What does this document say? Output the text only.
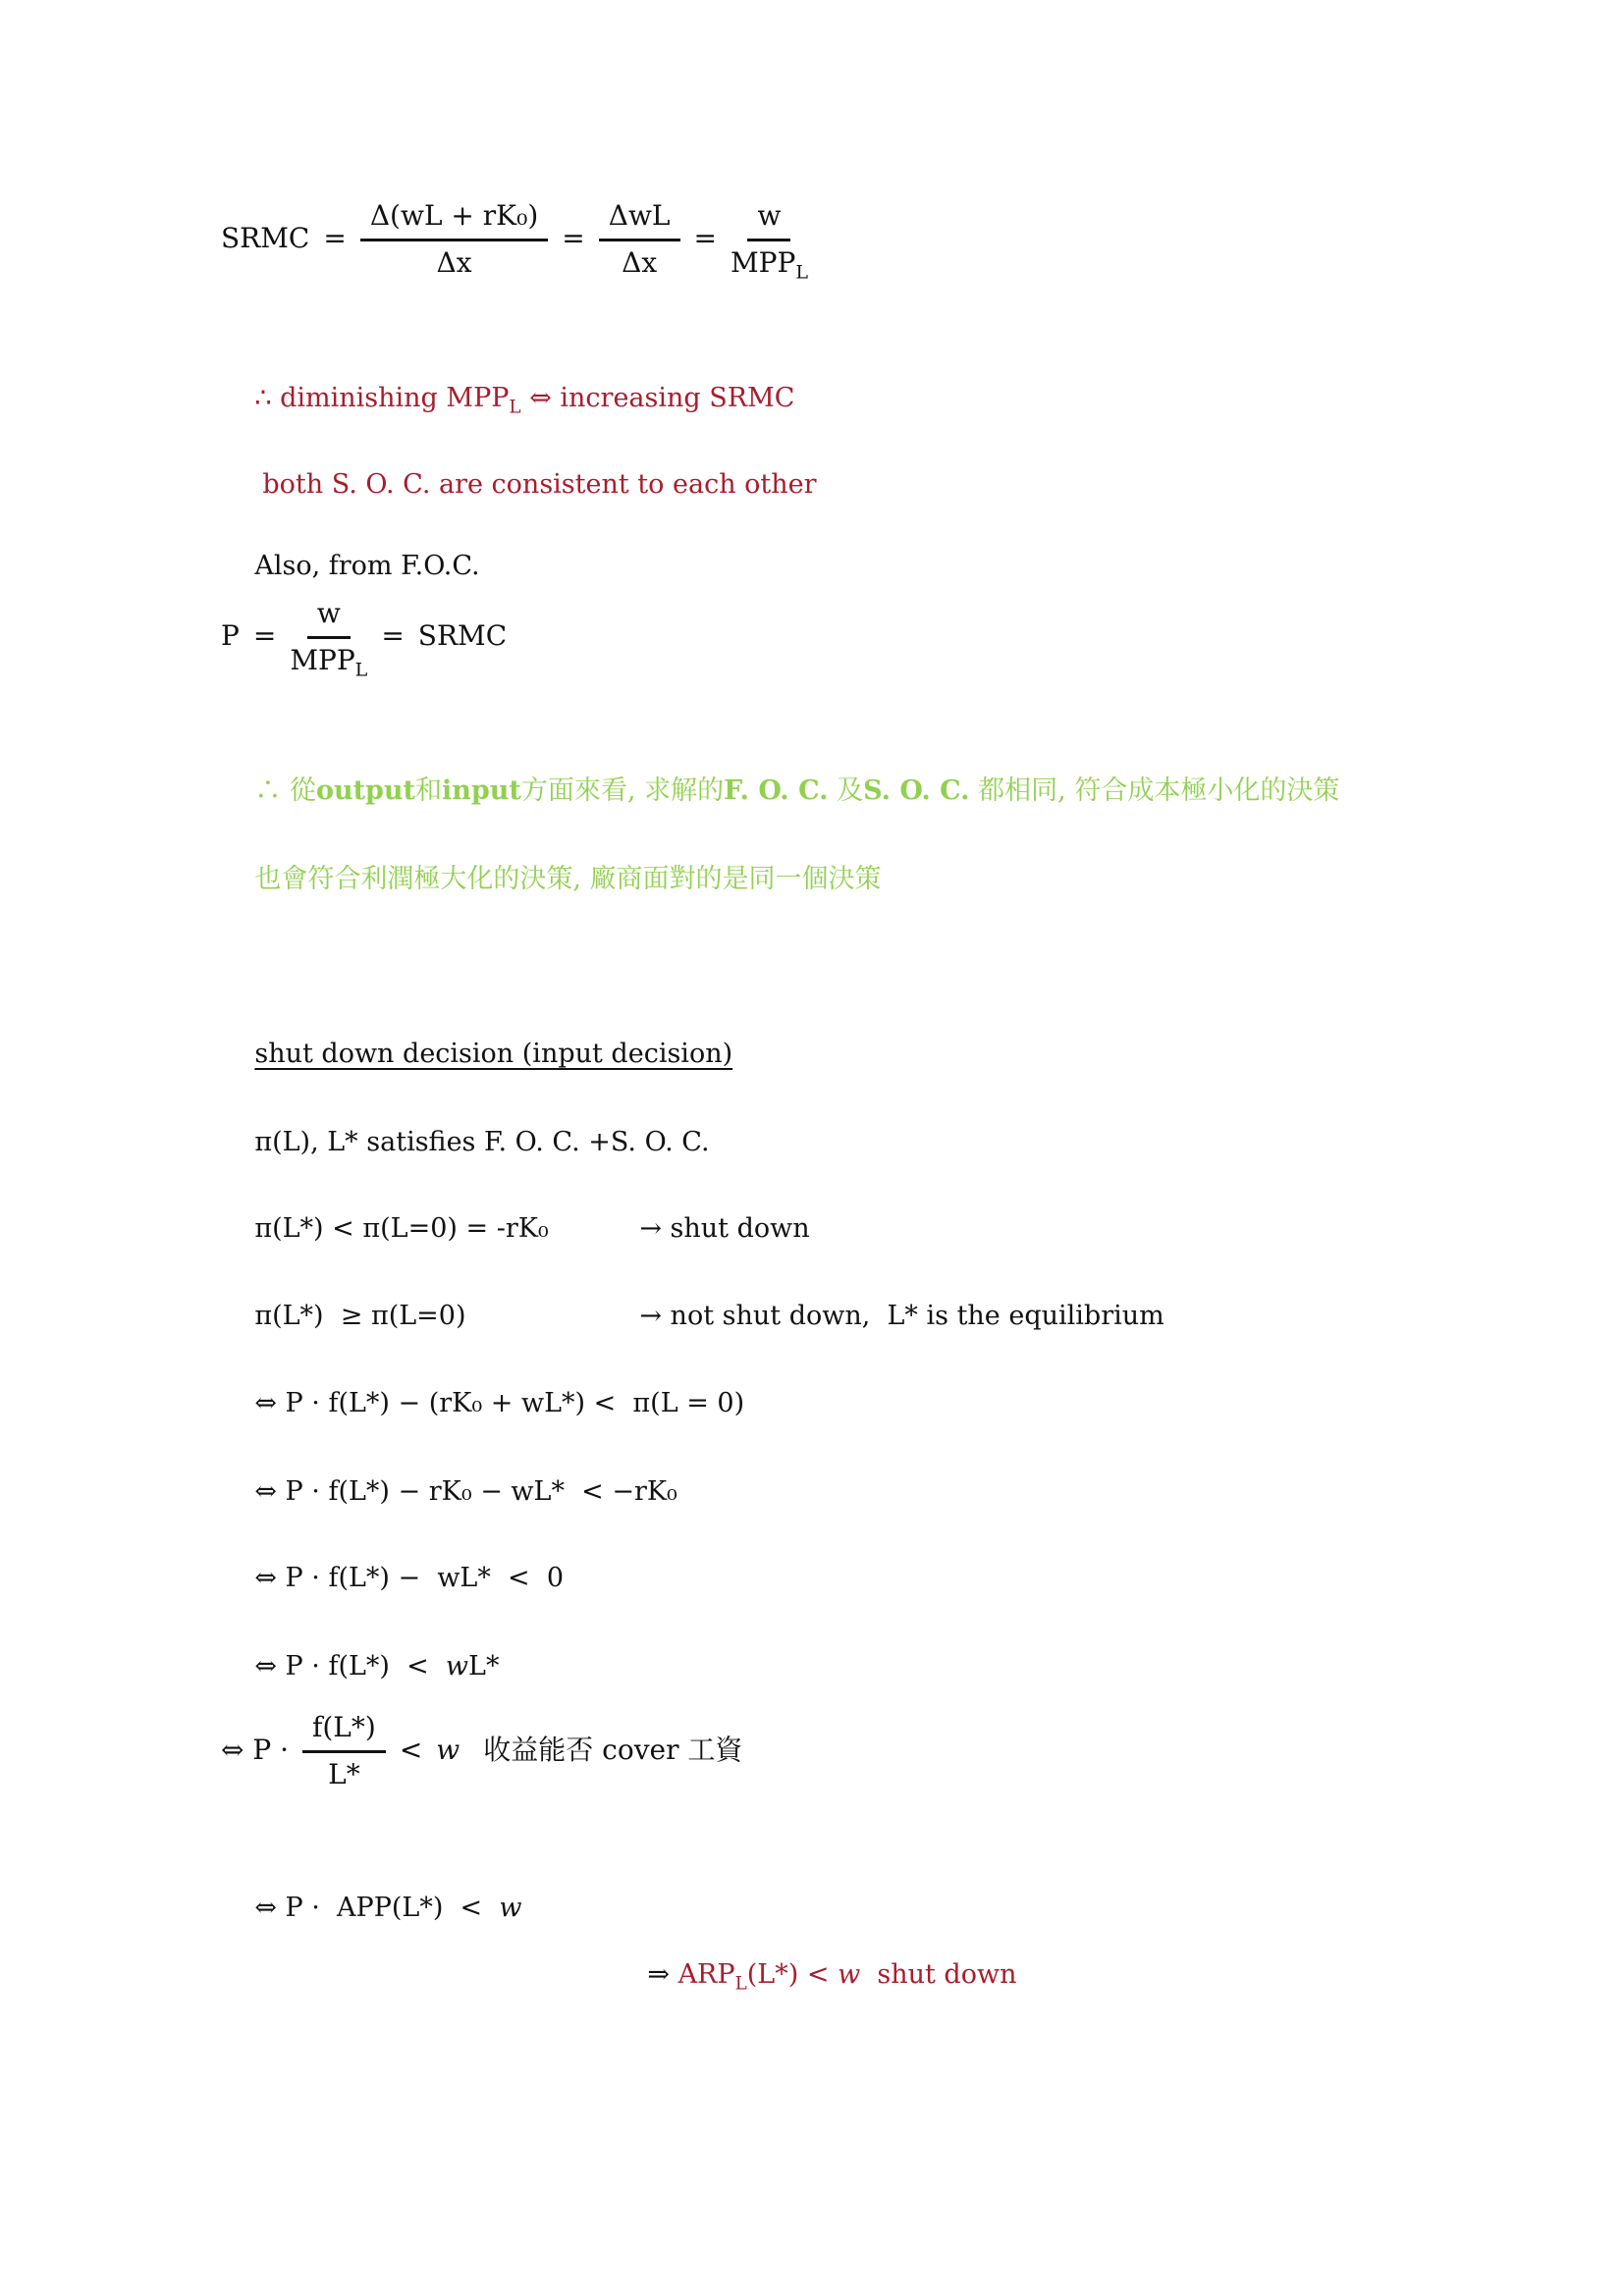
SRMC = $\frac{\text{Δ(wL + rK₀)}}{\Delta x} = \frac{\text{ΔwL}}{\Delta x} = \frac{w}{MPP_L}$

∴ diminishing $MPP_L$ ⇔ increasing SRMC

both S. O. C. are consistent to each other

Also, from F.O.C.

$P = \frac{w}{MPP_L}$ = SRMC

∴ 從output和input方面來看, 求解的F. O. C. 及S. O. C. 都相同, 符合成本極小化的決策

也會符合利潤極大化的決策, 廠商面對的是同一個決策

shut down decision (input decision)

π(L), L* satisfies F. O. C. +S. O. C.

π(L*) < π(L=0) = -rK₀	→ shut down

π(L*)  ≥ π(L=0)	→ not shut down,  L* is the equilibrium

⇔ P · f(L*) − (rK₀ + wL*) <  π(L = 0)

⇔ P · f(L*) − rK₀ − wL*  < −rK₀

⇔ P · f(L*) −  wL*  <  0

⇔ P · f(L*)  <  wL*

⇔ $P \cdot \frac{f(L*)}{L*} < w$ 收益能否 cover 工資

⇔ P ·  APP(L*)  <  w

⇒ $ARP_L(L*) < w$  shut down
